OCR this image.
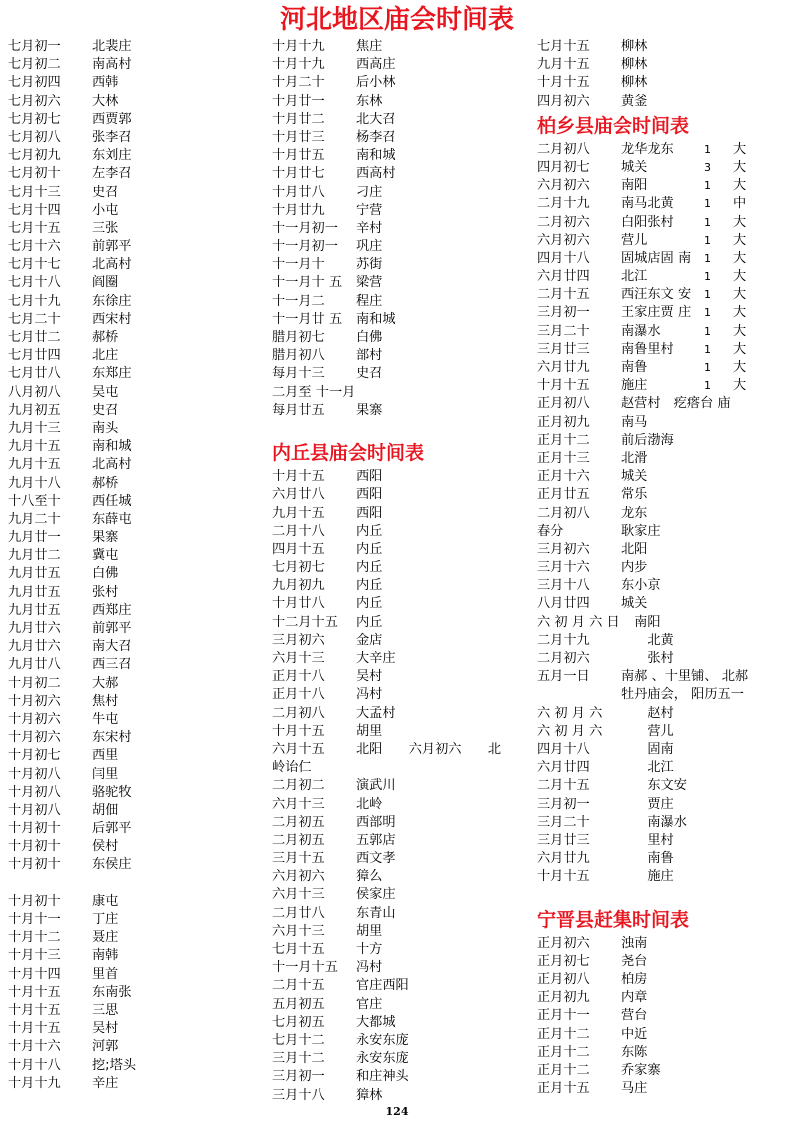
河北地区庙会时间表
七月初一 北裴庄
七月初二 南高村
七月初四 西韩
七月初六 大林
七月初七 西贾郭
七月初八 张李召
七月初九 东刘庄
七月初十 左李召
七月十三 史召
七月十四 小屯
七月十五 三张
七月十六 前郭平
七月十七 北高村
七月十八 阎圈
七月十九 东徐庄
七月二十 西宋村
七月廿二 郝桥
七月廿四 北庄
七月廿八 东郑庄
八月初八 吴屯
九月初五 史召
九月十三 南头
九月十五 南和城
九月十五 北高村
九月十八 郝桥
十八至十 西任城
九月二十 东薛屯
九月廿一 果寨
九月廿二 冀屯
九月廿五 白佛
九月廿五 张村
九月廿五 西郑庄
九月廿六 前郭平
九月廿六 南大召
九月廿八 西三召
十月初二 大郝
十月初六 焦村
十月初六 牛屯
十月初六 东宋村
十月初七 西里
十月初八 闫里
十月初八 骆驼牧
十月初八 胡佃
十月初十 后郭平
十月初十 侯村
十月初十 东侯庄
十月初十 康屯
十月十一 丁庄
十月十二 聂庄
十月十三 南韩
十月十四 里首
十月十五 东南张
十月十五 三思
十月十五 吴村
十月十六 河郭
十月十八 挖;塔头
十月十九 辛庄
十月十九 焦庄
十月十九 西高庄
十月二十 后小林
十月廿一 东林
十月廿二 北大召
十月廿三 杨李召
十月廿五 南和城
十月廿七 西高村
十月廿八 刁庄
十月廿九 宁营
十一月初一 辛村
十一月初一 巩庄
十一月十 苏街
十一月十 五 梁营
十一月二 程庄
十一月廿 五 南和城
腊月初七 白佛
腊月初八 部村
每月十三 史召
二月至 十一月
每月廿五 果寨
内丘县庙会时间表
十月十五 西阳
六月廿八 西阳
九月十五 西阳
二月十八 内丘
四月十五 内丘
七月初七 内丘
九月初九 内丘
十月廿八 内丘
十二月十五 内丘
三月初六 金店
六月十三 大辛庄
正月十八 吴村
正月十八 冯村
二月初八 大孟村
十月十五 胡里
六月十五 北阳　　六月初六　　北
岭诒仁
二月初二 演武川
六月十三 北岭
二月初五 西部明
二月初五 五郭店
三月十五 西文孝
六月初六 獐么
六月十三 侯家庄
二月廿八 东青山
六月十三 胡里
七月十五 十方
十一月十五 冯村
二月十五 官庄西阳
五月初五 官庄
七月初五 大都城
七月十二 永安东庞
三月十二 永安东庞
三月初一 和庄神头
三月十八 獐林
七月十五 柳林
九月十五 柳林
十月十五 柳林
四月初六 黄釜
柏乡县庙会时间表
二月初八 龙华龙东	1 大
四月初七 城关	3 大
六月初六 南阳	1 大
二月十九 南马北黄	1 中
二月初六 白阳张村	1 大
六月初六 营儿	1 大
四月十八 固城店固 南 1 大
六月廿四 北江	1 大
二月十五 西汪东文 安 1 大
三月初一 王家庄贾 庄 1 大
三月二十 南瀑水	1 大
三月廿三 南鲁里村	1 大
六月廿九 南鲁	1 大
十月十五 施庄	1 大
正月初八 赵营村　疙瘩台 庙
正月初九 南马
正月十二 前后渤海
正月十三 北滑
正月十六 城关
正月廿五 常乐
二月初八 龙东
春分	耿家庄
三月初六 北阳
三月十六 内步
三月十八 东小京
八月廿四 城关
六 初 月 六 日　南阳
二月十九　　北黄
二月初六　　张村
五月一日 南郝 、十里铺、 北郝
牡丹庙会， 阳历五一
六 初 月 六　　赵村
六 初 月 六　　营儿
四月十八　　固南
六月廿四　　北江
二月十五　　东文安
三月初一　　贾庄
三月二十　　南瀑水
三月廿三　　里村
六月廿九　　南鲁
十月十五　　施庄
宁晋县赶集时间表
正月初六 浊南
正月初七 尧台
正月初八 柏房
正月初九 内章
正月十一 营台
正月十二 中近
正月十二 东陈
正月十二 乔家寨
正月十五 马庄
124
